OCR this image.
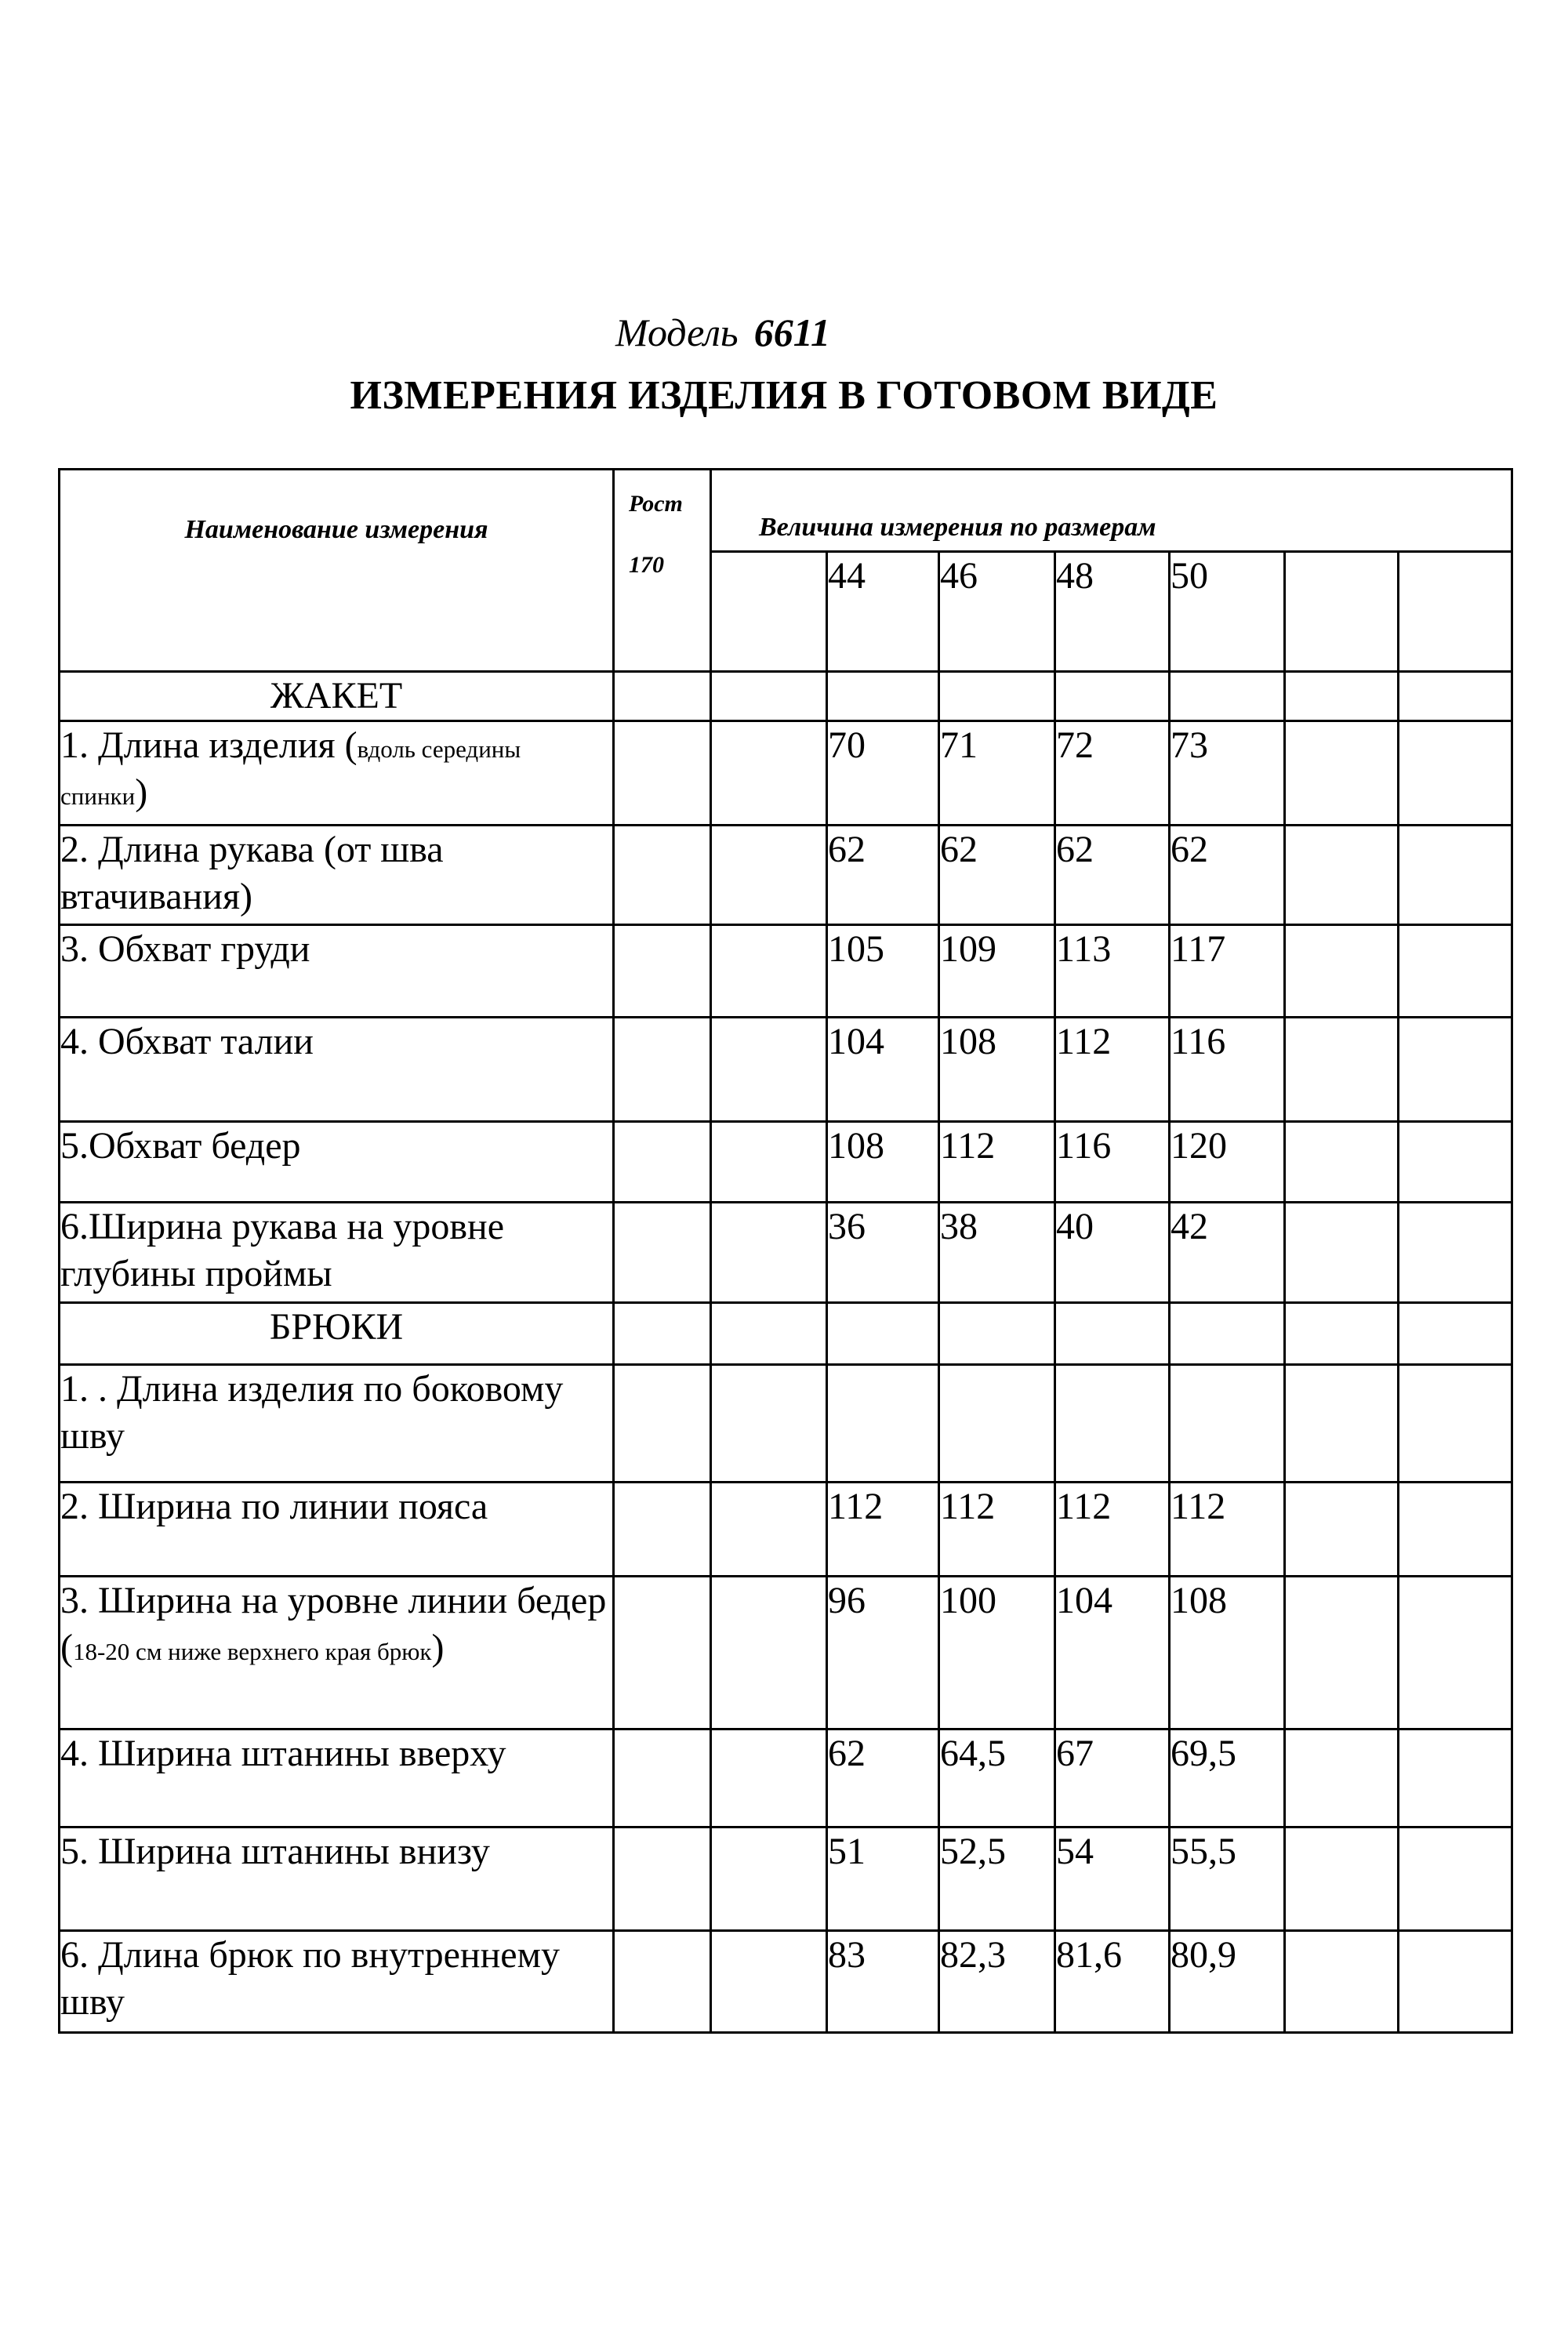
Модель 6611
ИЗМЕРЕНИЯ ИЗДЕЛИЯ В ГОТОВОМ ВИДЕ
Наименование измерения	Рост
170	Величина измерения по размерам						

			44	46	48	50		
ЖАКЕТ								
1. Длина изделия (вдоль середины спинки)			70	71	72	73		
2. Длина рукава (от шва втачивания)			62	62	62	62		
3. Обхват груди			105	109	113	117		
4. Обхват талии			104	108	112	116		
5.Обхват бедер			108	112	116	120		
6.Ширина рукава на уровне глубины проймы			36	38	40	42		
БРЮКИ								
1. . Длина изделия по боковому шву								
2. Ширина по линии пояса			112	112	112	112		
3. Ширина на уровне линии бедер (18-20 см ниже верхнего края брюк)			96	100	104	108		
4. Ширина штанины вверху			62	64,5	67	69,5		
5. Ширина штанины внизу			51	52,5	54	55,5		
6. Длина брюк по внутреннему шву			83	82,3	81,6	80,9		
